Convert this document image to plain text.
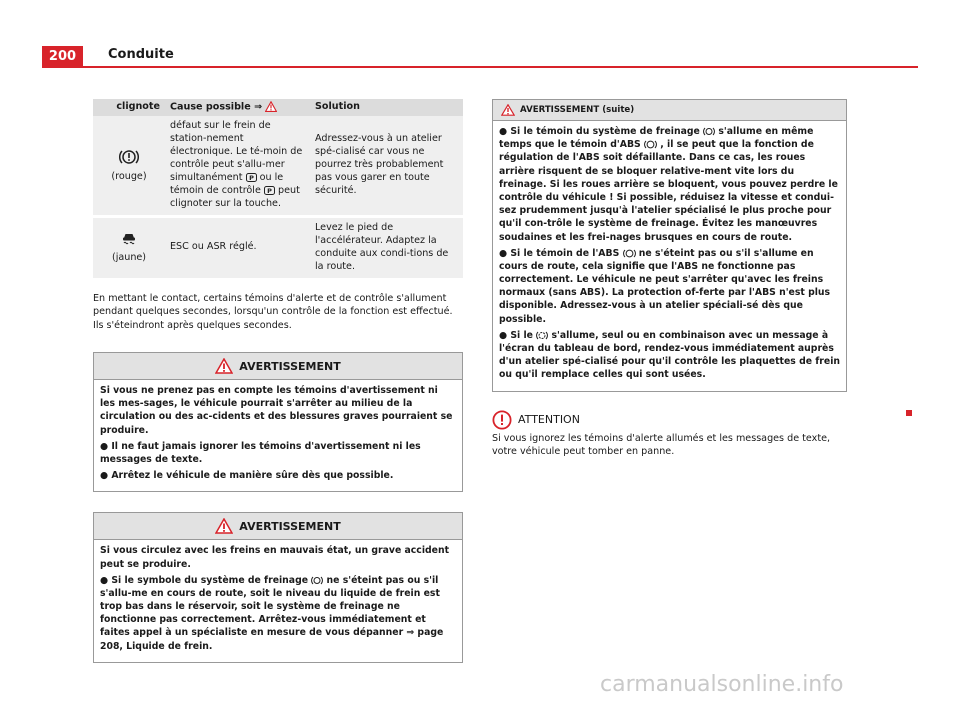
200	Conduite
clignote	Cause possible ⇒	Solution

(rouge)	défaut sur le frein de station-nement électronique. Le té-moin de contrôle peut s'allu-mer simultanément P ou le témoin de contrôle P peut clignoter sur la touche.	Adressez-vous à un atelier spé-cialisé car vous ne pourrez très probablement pas vous garer en toute sécurité.

(jaune)	ESC ou ASR réglé.	Levez le pied de l'accélérateur. Adaptez la conduite aux condi-tions de la route.

En mettant le contact, certains témoins d'alerte et de contrôle s'allument pendant quelques secondes, lorsqu'un contrôle de la fonction est effectué. Ils s'éteindront après quelques secondes.

AVERTISSEMENT

Si vous ne prenez pas en compte les témoins d'avertissement ni les mes-sages, le véhicule pourrait s'arrêter au milieu de la circulation ou des ac-cidents et des blessures graves pourraient se produire.

● Il ne faut jamais ignorer les témoins d'avertissement ni les messages de texte.

● Arrêtez le véhicule de manière sûre dès que possible.

AVERTISSEMENT

Si vous circulez avec les freins en mauvais état, un grave accident peut se produire.

● Si le symbole du système de freinage ne s'éteint pas ou s'il s'allu-me en cours de route, soit le niveau du liquide de frein est trop bas dans le réservoir, soit le système de freinage ne fonctionne pas correctement. Arrêtez-vous immédiatement et faites appel à un spécialiste en mesure de vous dépanner ⇒ page 208, Liquide de frein.

AVERTISSEMENT (suite)

● Si le témoin du système de freinage s'allume en même temps que le témoin d'ABS , il se peut que la fonction de régulation de l'ABS soit défaillante. Dans ce cas, les roues arrière risquent de se bloquer relative-ment vite lors du freinage. Si les roues arrière se bloquent, vous pouvez perdre le contrôle du véhicule ! Si possible, réduisez la vitesse et condui-sez prudemment jusqu'à l'atelier spécialisé le plus proche pour qu'il con-trôle le système de freinage. Évitez les manœuvres soudaines et les frei-nages brusques en cours de route.

● Si le témoin de l'ABS ne s'éteint pas ou s'il s'allume en cours de route, cela signifie que l'ABS ne fonctionne pas correctement. Le véhicule ne peut s'arrêter qu'avec les freins normaux (sans ABS). La protection of-ferte par l'ABS n'est plus disponible. Adressez-vous à un atelier spéciali-sé dès que possible.

● Si le s'allume, seul ou en combinaison avec un message à l'écran du tableau de bord, rendez-vous immédiatement auprès d'un atelier spé-cialisé pour qu'il contrôle les plaquettes de frein ou qu'il remplace celles qui sont usées.

ATTENTION
Si vous ignorez les témoins d'alerte allumés et les messages de texte, votre véhicule peut tomber en panne.
carmanualsonline.info
